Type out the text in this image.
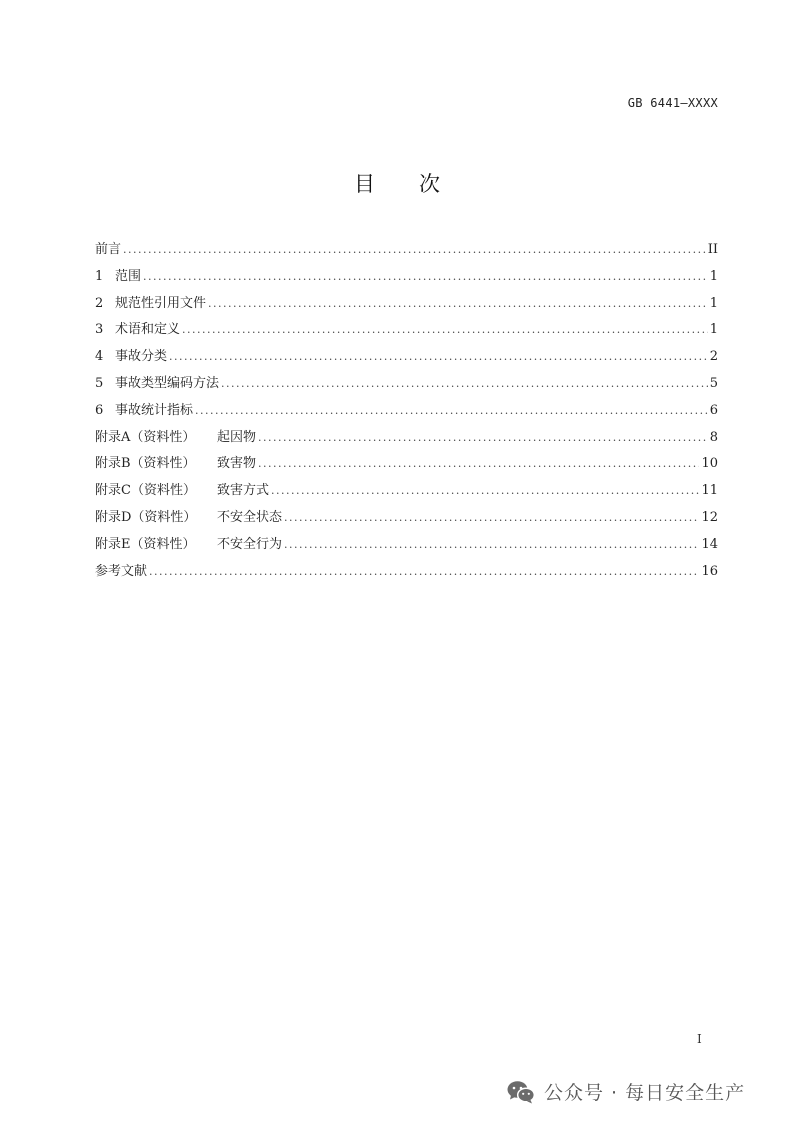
GB 6441—XXXX
目 次
前言 .....	II
1 范围 .....	1
2 规范性引用文件 .....	1
3 术语和定义 .....	1
4 事故分类 .....	2
5 事故类型编码方法 .....	5
6 事故统计指标 .....	6
附录A（资料性）	起因物 .....	8
附录B（资料性）	致害物 .....	10
附录C（资料性）	致害方式 .....	11
附录D（资料性）	不安全状态 .....	12
附录E（资料性）	不安全行为 .....	14
参考文献 .....	16
I
公众号 · 每日安全生产
